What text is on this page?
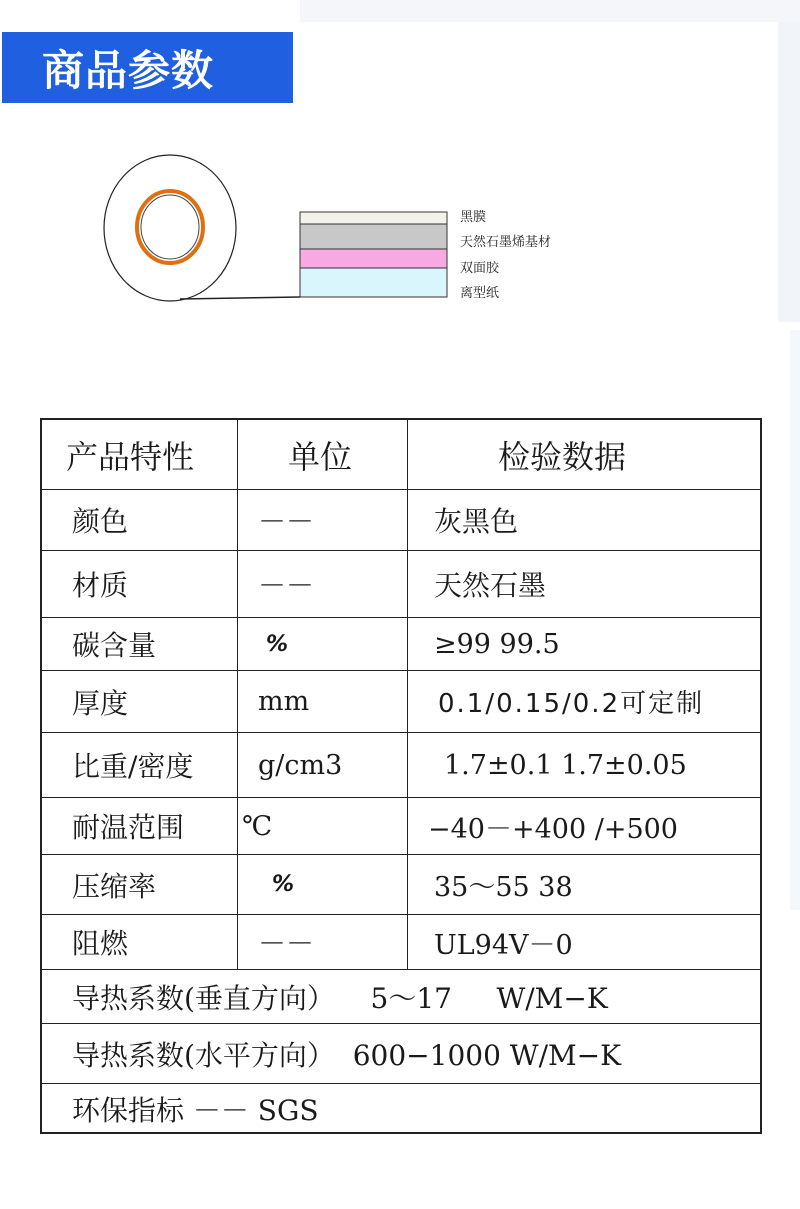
商品参数
黑膜
天然石墨烯基材
双面胶
离型纸
产品特性	单位	检验数据
颜色	－－	灰黑色
材质	－－	天然石墨
碳含量	%	≥99 99.5
厚度	mm	0.1/0.15/0.2可定制
比重/密度	g/cm3	1.7±0.1 1.7±0.05
耐温范围	℃	−40－+400 /+500
压缩率	%	35～55 38
阻燃	－－	UL94V－0
导热系数(垂直方向）    5～17     W/M−K
导热系数(水平方向）  600−1000 W/M−K
环保指标 －－ SGS
